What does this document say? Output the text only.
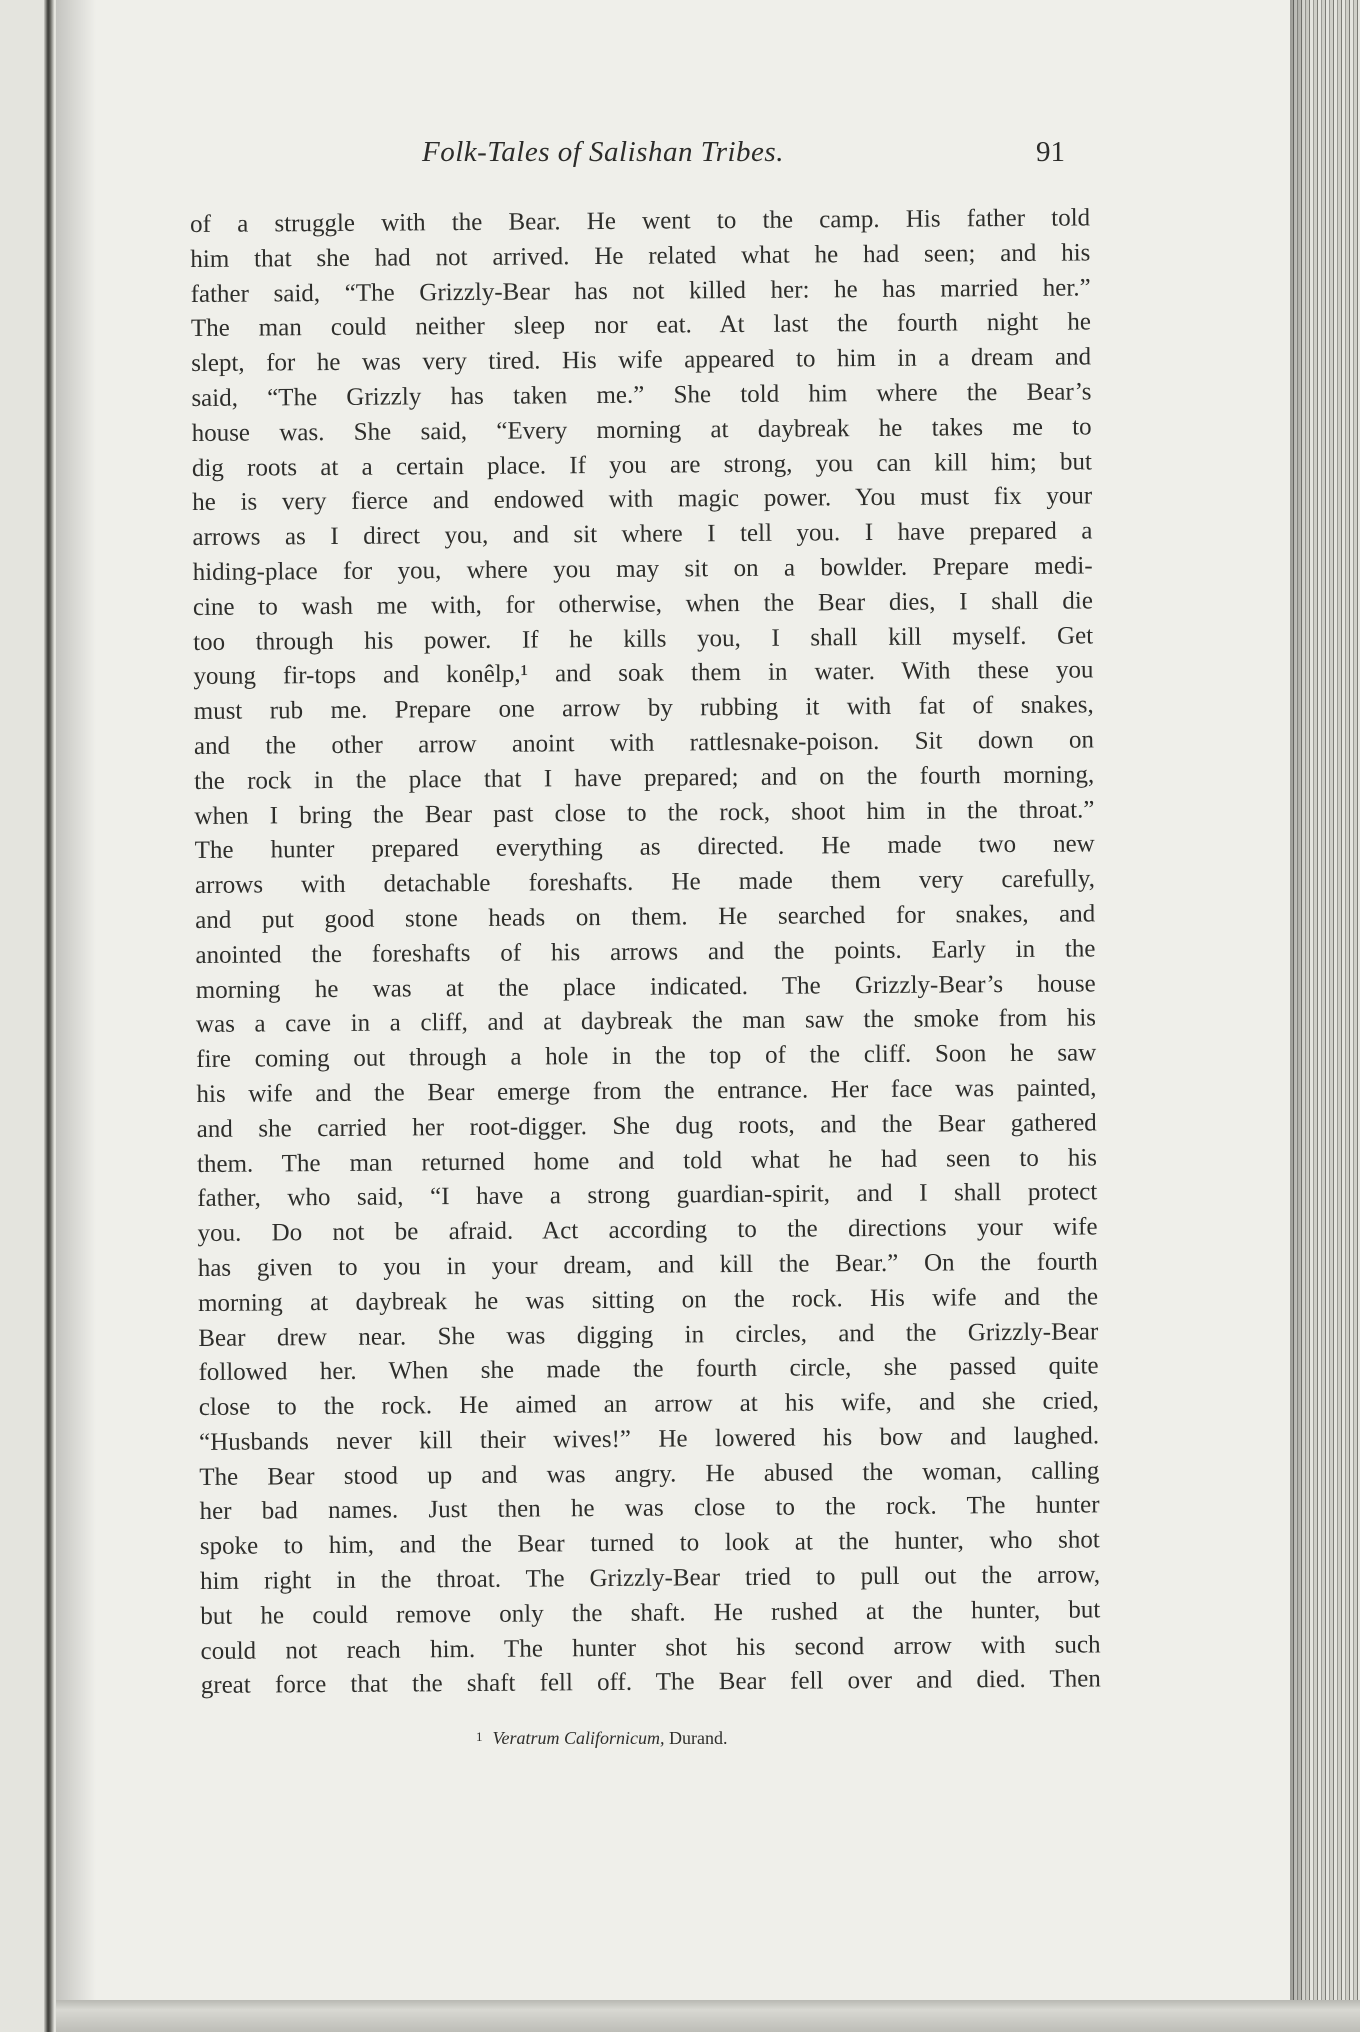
Folk-Tales of Salishan Tribes.	91
of a struggle with the Bear. He went to the camp. His father told
him that she had not arrived. He related what he had seen; and his
father said, “The Grizzly-Bear has not killed her: he has married her.”
The man could neither sleep nor eat. At last the fourth night he
slept, for he was very tired. His wife appeared to him in a dream and
said, “The Grizzly has taken me.” She told him where the Bear’s
house was. She said, “Every morning at daybreak he takes me to
dig roots at a certain place. If you are strong, you can kill him; but
he is very fierce and endowed with magic power. You must fix your
arrows as I direct you, and sit where I tell you. I have prepared a
hiding-place for you, where you may sit on a bowlder. Prepare medi-
cine to wash me with, for otherwise, when the Bear dies, I shall die
too through his power. If he kills you, I shall kill myself. Get
young fir-tops and konêlp,¹ and soak them in water. With these you
must rub me. Prepare one arrow by rubbing it with fat of snakes,
and the other arrow anoint with rattlesnake-poison. Sit down on
the rock in the place that I have prepared; and on the fourth morning,
when I bring the Bear past close to the rock, shoot him in the throat.”
The hunter prepared everything as directed. He made two new
arrows with detachable foreshafts. He made them very carefully,
and put good stone heads on them. He searched for snakes, and
anointed the foreshafts of his arrows and the points. Early in the
morning he was at the place indicated. The Grizzly-Bear’s house
was a cave in a cliff, and at daybreak the man saw the smoke from his
fire coming out through a hole in the top of the cliff. Soon he saw
his wife and the Bear emerge from the entrance. Her face was painted,
and she carried her root-digger. She dug roots, and the Bear gathered
them. The man returned home and told what he had seen to his
father, who said, “I have a strong guardian-spirit, and I shall protect
you. Do not be afraid. Act according to the directions your wife
has given to you in your dream, and kill the Bear.” On the fourth
morning at daybreak he was sitting on the rock. His wife and the
Bear drew near. She was digging in circles, and the Grizzly-Bear
followed her. When she made the fourth circle, she passed quite
close to the rock. He aimed an arrow at his wife, and she cried,
“Husbands never kill their wives!” He lowered his bow and laughed.
The Bear stood up and was angry. He abused the woman, calling
her bad names. Just then he was close to the rock. The hunter
spoke to him, and the Bear turned to look at the hunter, who shot
him right in the throat. The Grizzly-Bear tried to pull out the arrow,
but he could remove only the shaft. He rushed at the hunter, but
could not reach him. The hunter shot his second arrow with such
great force that the shaft fell off. The Bear fell over and died. Then
1 Veratrum Californicum, Durand.
